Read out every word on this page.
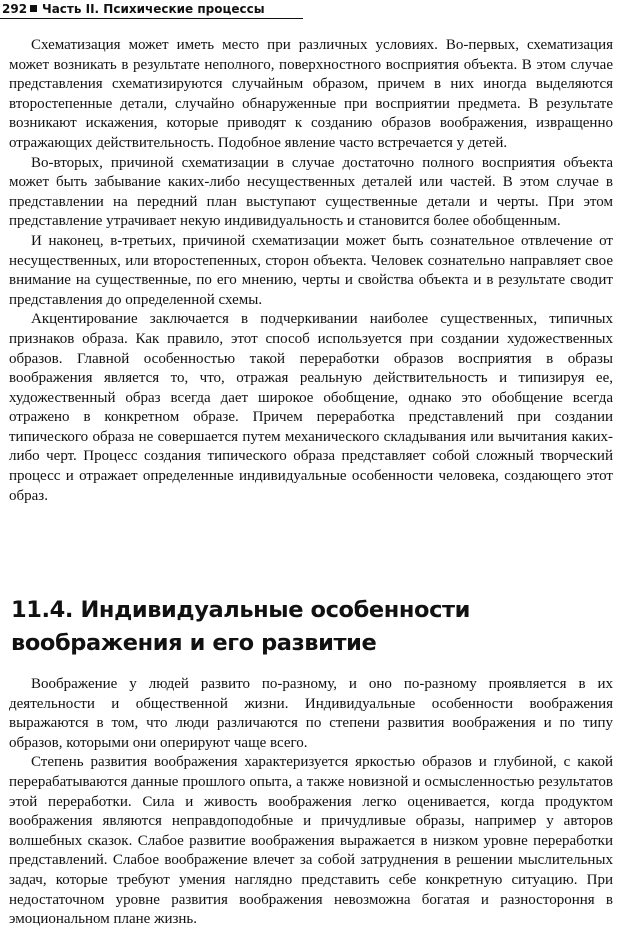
292 Часть II. Психические процессы

Схематизация может иметь место при различных условиях. Во-первых, схематизация может возникать в результате неполного, поверхностного восприятия объекта. В этом случае представления схематизируются случайным образом, причем в них иногда выделяются второстепенные детали, случайно обнаруженные при восприятии предмета. В результате возникают искажения, которые приводят к созданию образов воображения, извращенно отражающих действительность. Подобное явление часто встречается у детей.

Во-вторых, причиной схематизации в случае достаточно полного восприятия объекта может быть забывание каких-либо несущественных деталей или частей. В этом случае в представлении на передний план выступают существенные детали и черты. При этом представление утрачивает некую индивидуальность и становится более обобщенным.

И наконец, в-третьих, причиной схематизации может быть сознательное отвлечение от несущественных, или второстепенных, сторон объекта. Человек сознательно направляет свое внимание на существенные, по его мнению, черты и свойства объекта и в результате сводит представления до определенной схемы.

Акцентирование заключается в подчеркивании наиболее существенных, типичных признаков образа. Как правило, этот способ используется при создании художественных образов. Главной особенностью такой переработки образов восприятия в образы воображения является то, что, отражая реальную действительность и типизируя ее, художественный образ всегда дает широкое обобщение, однако это обобщение всегда отражено в конкретном образе. Причем переработка представлений при создании типического образа не совершается путем механического складывания или вычитания каких-либо черт. Процесс создания типического образа представляет собой сложный творческий процесс и отражает определенные индивидуальные особенности человека, создающего этот образ.

11.4. Индивидуальные особенности
воображения и его развитие

Воображение у людей развито по-разному, и оно по-разному проявляется в их деятельности и общественной жизни. Индивидуальные особенности воображения выражаются в том, что люди различаются по степени развития воображения и по типу образов, которыми они оперируют чаще всего.

Степень развития воображения характеризуется яркостью образов и глубиной, с какой перерабатываются данные прошлого опыта, а также новизной и осмысленностью результатов этой переработки. Сила и живость воображения легко оценивается, когда продуктом воображения являются неправдоподобные и причудливые образы, например у авторов волшебных сказок. Слабое развитие воображения выражается в низком уровне переработки представлений. Слабое воображение влечет за собой затруднения в решении мыслительных задач, которые требуют умения наглядно представить себе конкретную ситуацию. При недостаточном уровне развития воображения невозможна богатая и разностороння в эмоциональном плане жизнь.
